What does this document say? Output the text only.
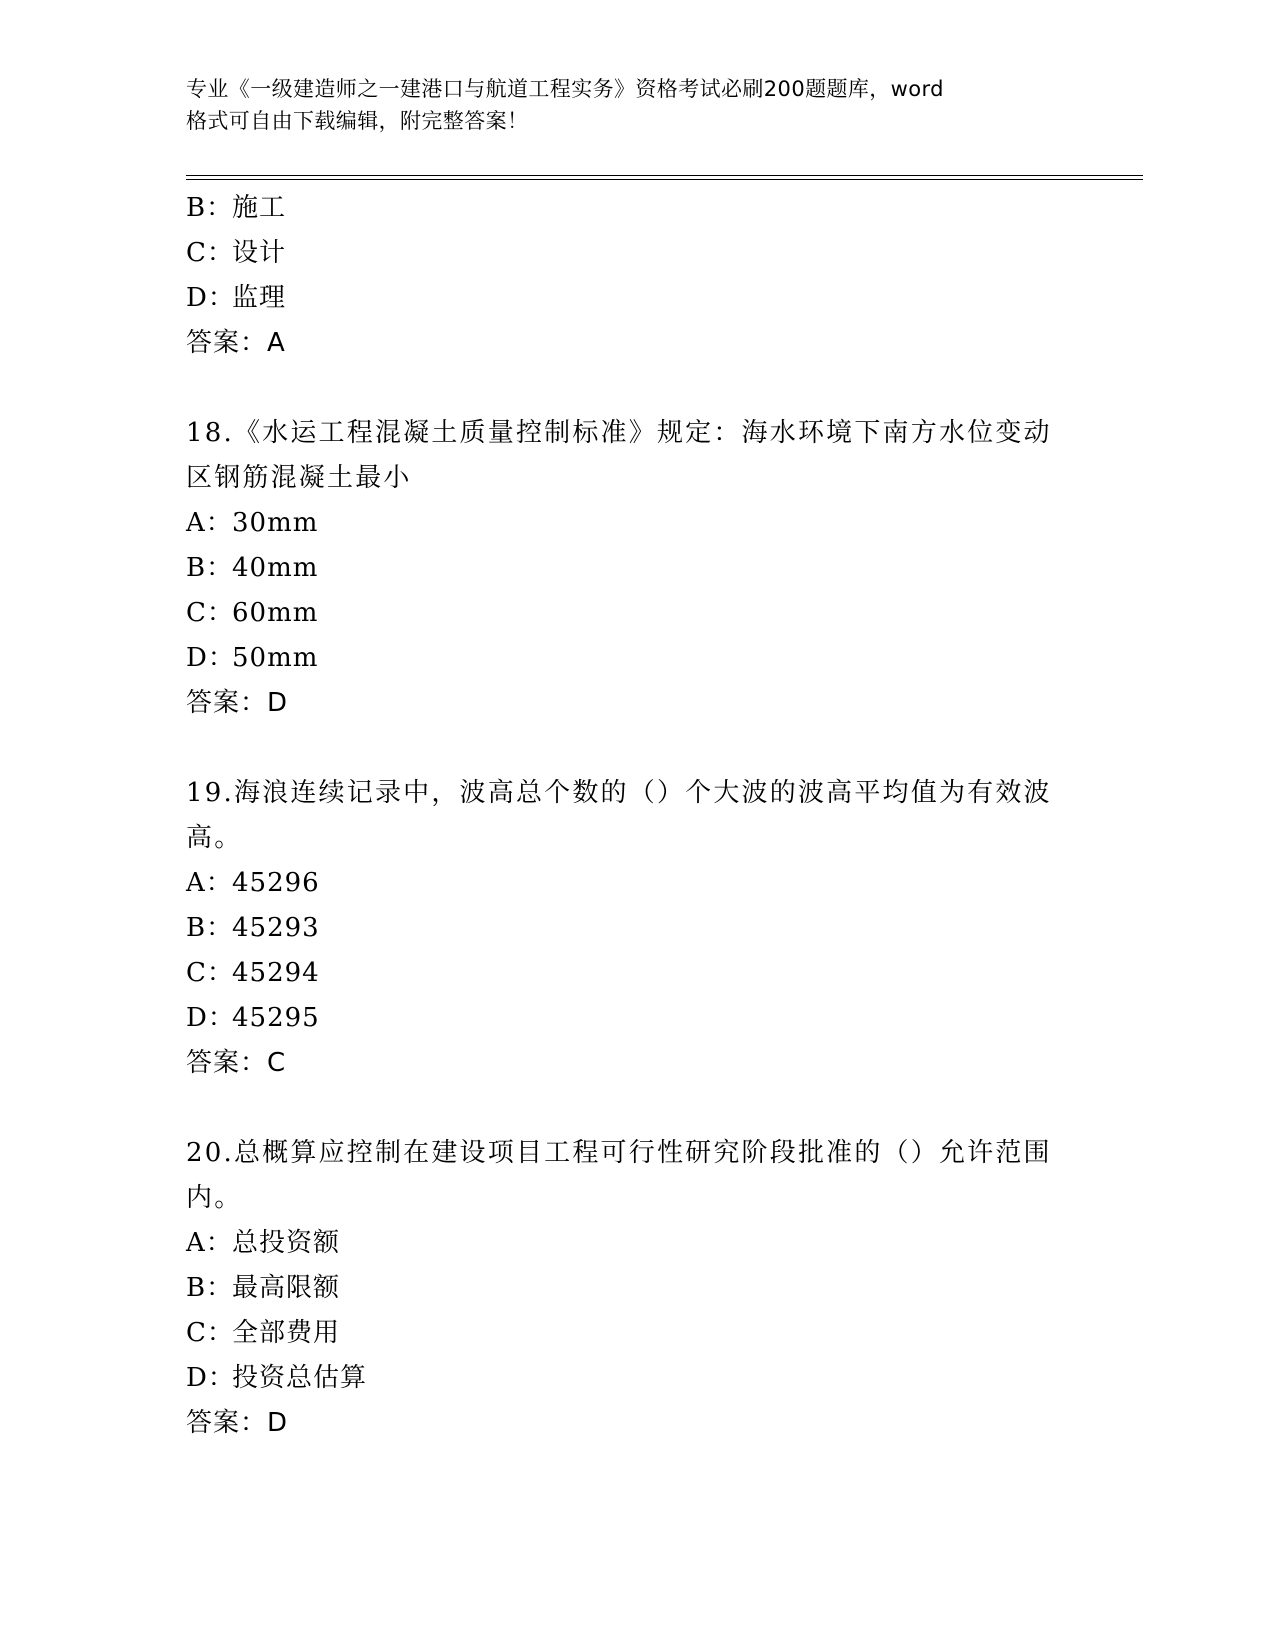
专业《一级建造师之一建港口与航道工程实务》资格考试必刷200题题库，word
格式可自由下载编辑，附完整答案！
B：施工
C：设计
D：监理
答案：A
18.《水运工程混凝土质量控制标准》规定：海水环境下南方水位变动
区钢筋混凝土最小
A：30mm
B：40mm
C：60mm
D：50mm
答案：D
19.海浪连续记录中，波高总个数的（）个大波的波高平均值为有效波
高。
A：45296
B：45293
C：45294
D：45295
答案：C
20.总概算应控制在建设项目工程可行性研究阶段批准的（）允许范围
内。
A：总投资额
B：最高限额
C：全部费用
D：投资总估算
答案：D
